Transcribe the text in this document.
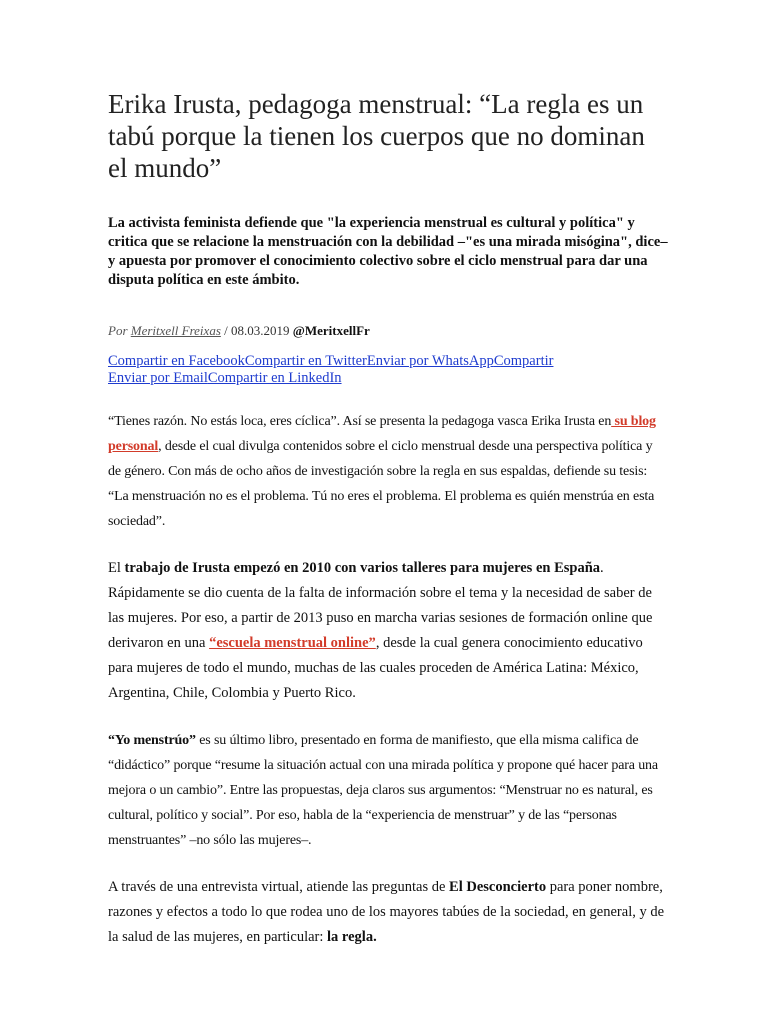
Erika Irusta, pedagoga menstrual: “La regla es un tabú porque la tienen los cuerpos que no dominan el mundo”
La activista feminista defiende que "la experiencia menstrual es cultural y política" y critica que se relacione la menstruación con la debilidad –"es una mirada misógina", dice– y apuesta por promover el conocimiento colectivo sobre el ciclo menstrual para dar una disputa política en este ámbito.
Por Meritxell Freixas / 08.03.2019 @MeritxellFr
Compartir en FacebookCompartir en TwitterEnviar por WhatsAppCompartir
Enviar por EmailCompartir en LinkedIn
“Tienes razón. No estás loca, eres cíclica”. Así se presenta la pedagoga vasca Erika Irusta en su blog personal, desde el cual divulga contenidos sobre el ciclo menstrual desde una perspectiva política y de género. Con más de ocho años de investigación sobre la regla en sus espaldas, defiende su tesis: “La menstruación no es el problema. Tú no eres el problema. El problema es quién menstrúa en esta sociedad”.
El trabajo de Irusta empezó en 2010 con varios talleres para mujeres en España. Rápidamente se dio cuenta de la falta de información sobre el tema y la necesidad de saber de las mujeres. Por eso, a partir de 2013 puso en marcha varias sesiones de formación online que derivaron en una “escuela menstrual online”, desde la cual genera conocimiento educativo para mujeres de todo el mundo, muchas de las cuales proceden de América Latina: México, Argentina, Chile, Colombia y Puerto Rico.
“Yo menstrúo” es su último libro, presentado en forma de manifiesto, que ella misma califica de “didáctico” porque “resume la situación actual con una mirada política y propone qué hacer para una mejora o un cambio”. Entre las propuestas, deja claros sus argumentos: “Menstruar no es natural, es cultural, político y social”. Por eso, habla de la “experiencia de menstruar” y de las “personas menstruantes” –no sólo las mujeres–.
A través de una entrevista virtual, atiende las preguntas de El Desconcierto para poner nombre, razones y efectos a todo lo que rodea uno de los mayores tabúes de la sociedad, en general, y de la salud de las mujeres, en particular: la regla.
